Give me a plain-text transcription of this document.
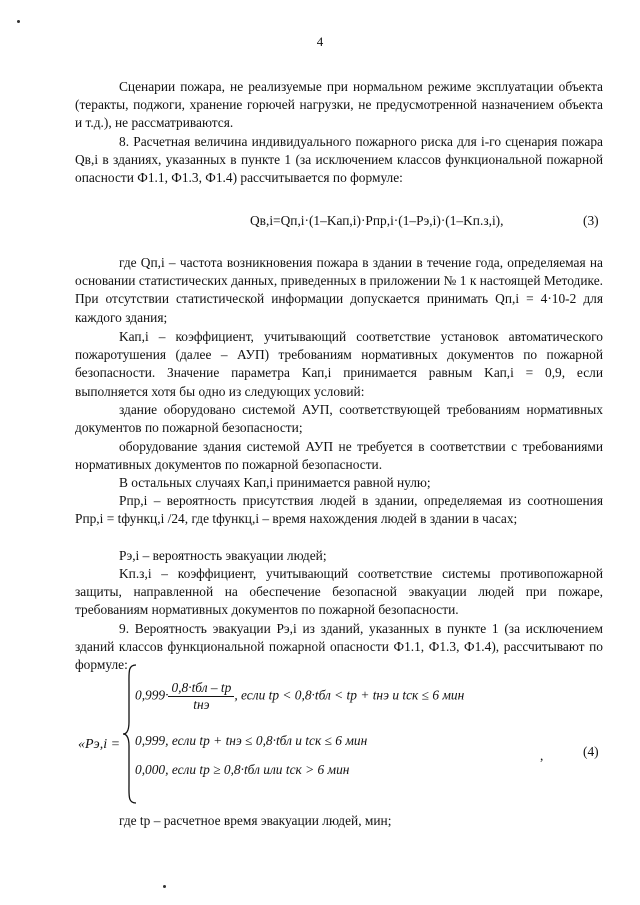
4
Сценарии пожара, не реализуемые при нормальном режиме эксплуатации объекта (теракты, поджоги, хранение горючей нагрузки, не предусмотренной назначением объекта и т.д.), не рассматриваются.
8. Расчетная величина индивидуального пожарного риска для i-го сценария пожара Qв,i в зданиях, указанных в пункте 1 (за исключением классов функциональной пожарной опасности Ф1.1, Ф1.3, Ф1.4) рассчитывается по формуле:
Qв,i=Qп,i·(1–Kап,i)·Pпр,i·(1–Pэ,i)·(1–Kп.з,i),	(3)
где Qп,i – частота возникновения пожара в здании в течение года, определяемая на основании статистических данных, приведенных в приложении № 1 к настоящей Методике. При отсутствии статистической информации допускается принимать Qп,i = 4·10-2 для каждого здания;
Kап,i – коэффициент, учитывающий соответствие установок автоматического пожаротушения (далее – АУП) требованиям нормативных документов по пожарной безопасности. Значение параметра Kап,i принимается равным Kап,i = 0,9, если выполняется хотя бы одно из следующих условий:
здание оборудовано системой АУП, соответствующей требованиям нормативных документов по пожарной безопасности;
оборудование здания системой АУП не требуется в соответствии с требованиями нормативных документов по пожарной безопасности.
В остальных случаях Kап,i принимается равной нулю;
Pпр,i – вероятность присутствия людей в здании, определяемая из соотношения Pпр,i = tфункц,i /24, где tфункц,i – время нахождения людей в здании в часах;
Pэ,i – вероятность эвакуации людей;
Kп.з,i – коэффициент, учитывающий соответствие системы противопожарной защиты, направленной на обеспечение безопасной эвакуации людей при пожаре, требованиям нормативных документов по пожарной безопасности.
9. Вероятность эвакуации Pэ,i из зданий, указанных в пункте 1 (за исключением зданий классов функциональной пожарной опасности Ф1.1, Ф1.3, Ф1.4), рассчитывают по формуле:
«Pэ,i =
$0,999\cdot \frac{\text{0,8·tбл – tр}}{\text{tнэ}}$ , если tр < 0,8·tбл < tр + tнэ и tск ≤ 6 мин
0,999, если tр + tнэ ≤ 0,8·tбл и tск ≤ 6 мин
0,000, если tр ≥ 0,8·tбл или tск > 6 мин
,	(4)
где tр – расчетное время эвакуации людей, мин;
